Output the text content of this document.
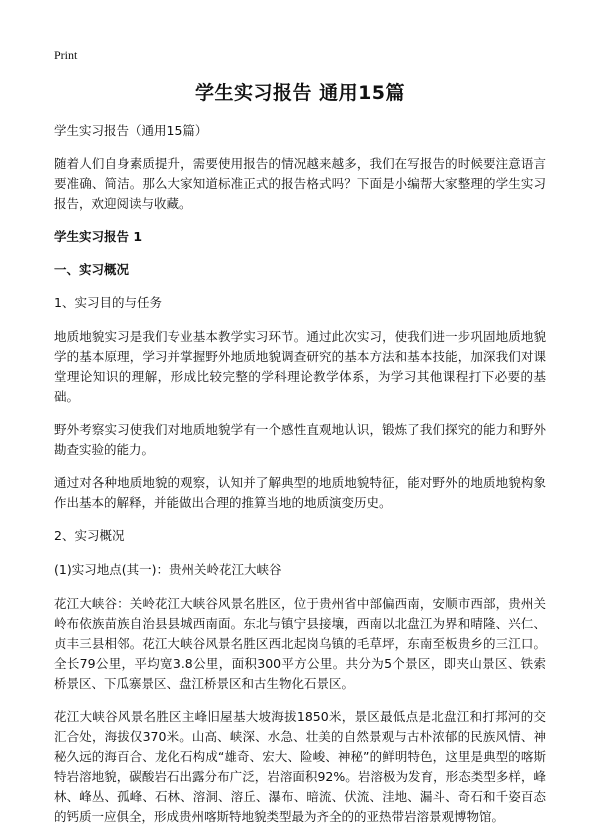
Print
学生实习报告 通用15篇
学生实习报告（通用15篇）
随着人们自身素质提升，需要使用报告的情况越来越多，我们在写报告的时候要注意语言要准确、简洁。那么大家知道标准正式的报告格式吗？下面是小编帮大家整理的学生实习报告，欢迎阅读与收藏。
学生实习报告 1
一、实习概况
1、实习目的与任务
地质地貌实习是我们专业基本教学实习环节。通过此次实习，使我们进一步巩固地质地貌学的基本原理，学习并掌握野外地质地貌调查研究的基本方法和基本技能，加深我们对课堂理论知识的理解，形成比较完整的学科理论教学体系，为学习其他课程打下必要的基础。
野外考察实习使我们对地质地貌学有一个感性直观地认识，锻炼了我们探究的能力和野外勘查实验的能力。
通过对各种地质地貌的观察，认知并了解典型的地质地貌特征，能对野外的地质地貌构象作出基本的解释，并能做出合理的推算当地的地质演变历史。
2、实习概况
(1)实习地点(其一)：贵州关岭花江大峡谷
花江大峡谷：关岭花江大峡谷风景名胜区，位于贵州省中部偏西南，安顺市西部，贵州关岭布依族苗族自治县县城西南面。东北与镇宁县接壤，西南以北盘江为界和晴隆、兴仁、贞丰三县相邻。花江大峡谷风景名胜区西北起岗乌镇的毛草坪，东南至板贵乡的三江口。全长79公里，平均宽3.8公里，面积300平方公里。共分为5个景区，即夹山景区、铁索桥景区、下瓜寨景区、盘江桥景区和古生物化石景区。
花江大峡谷风景名胜区主峰旧屋基大坡海拔1850米，景区最低点是北盘江和打邦河的交汇合处，海拔仅370米。山高、峡深、水急、壮美的自然景观与古朴浓郁的民族风情、神秘久远的海百合、龙化石构成“雄奇、宏大、险峻、神秘”的鲜明特色，这里是典型的喀斯特岩溶地貌，碳酸岩石出露分布广泛，岩溶面积92%。岩溶极为发育，形态类型多样，峰林、峰丛、孤峰、石林、溶洞、溶丘、瀑布、暗流、伏流、洼地、漏斗、奇石和千姿百态的钙质一应俱全，形成贵州喀斯特地貌类型最为齐全的的亚热带岩溶景观博物馆。
